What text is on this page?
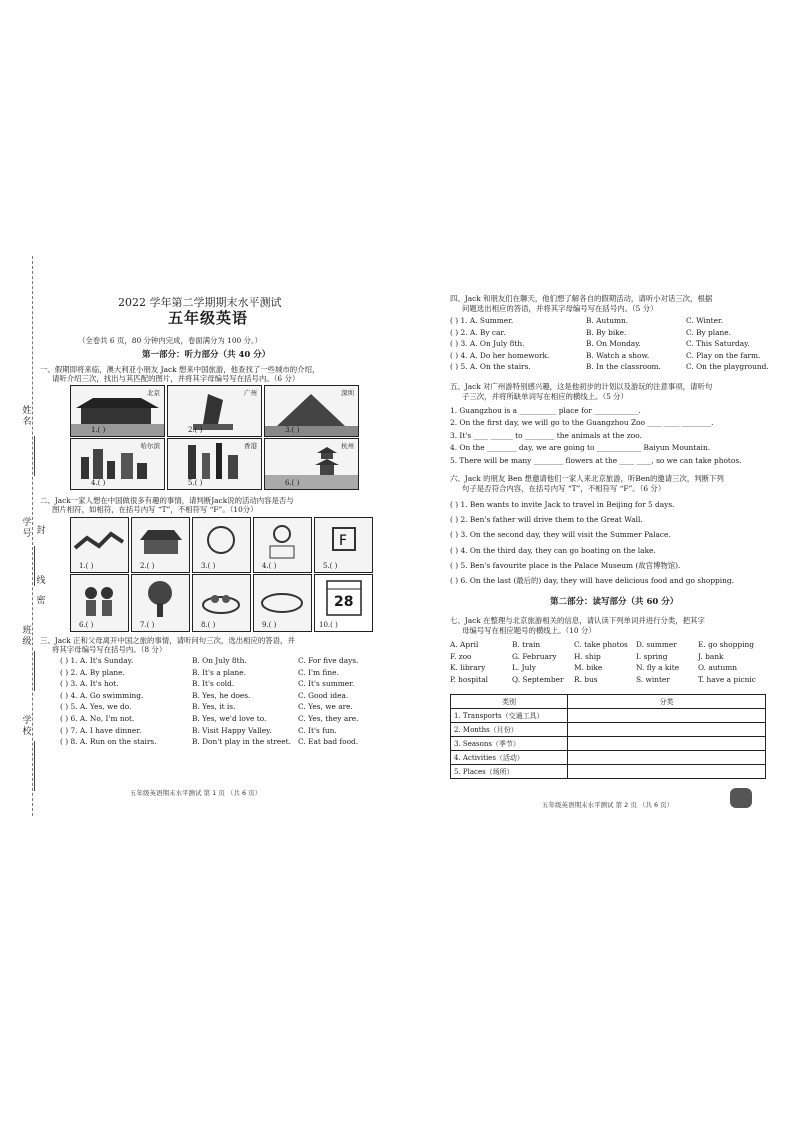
姓名
学号 封
线
密
班级
学校
2022 学年第二学期期末水平测试
五年级英语
（全卷共 6 页，80 分钟内完成，卷面满分为 100 分。）
第一部分：听力部分（共 40 分）
一、假期即将来临，澳大利亚小朋友 Jack 想来中国旅游，他查找了一些城市的介绍，
请听介绍三次，找出与其匹配的图片，并将其字母编号写在括号内。（6 分）
北京
1.( )
广州
2.( )
深圳
3.( )
哈尔滨
4.( )
香港
5.( )
杭州
6.( )
二、Jack一家人想在中国做很多有趣的事情，请判断Jack说的活动内容是否与
图片相符，如相符，在括号内写 “T”，不相符写 “F”。（10分）
1.( )	2.( )	3.( )	4.( )
F
5.( )
6.( )	7.( )	8.( )	9.( )
28
10.( )
三、Jack 正和父母离开中国之旅的事情，请听问句三次，选出相应的答语，并
将其字母编号写在括号内。（8 分）
( ) 1. A. It's Sunday.	B. On July 8th.	C. For five days.
( ) 2. A. By plane.	B. It's a plane.	C. I'm fine.
( ) 3. A. It's hot.	B. It's cold.	C. It's summer.
( ) 4. A. Go swimming.	B. Yes, he does.	C. Good idea.
( ) 5. A. Yes, we do.	B. Yes, it is.	C. Yes, we are.
( ) 6. A. No, I'm not.	B. Yes, we'd love to.	C. Yes, they are.
( ) 7. A. I have dinner.	B. Visit Happy Valley.	C. It's fun.
( ) 8. A. Run on the stairs.	B. Don't play in the street. C. Eat bad food.
五年级英语期末水平测试 第 1 页 （共 6 页）
四、Jack 和朋友们在聊天，他们想了解各自的假期活动，请听小对话三次，根据
问题选出相应的答语，并将其字母编号写在括号内。（5 分）
( ) 1. A. Summer.	B. Autumn.	C. Winter.
( ) 2. A. By car.	B. By bike.	C. By plane.
( ) 3. A. On July 8th.	B. On Monday.	C. This Saturday.
( ) 4. A. Do her homework.	B. Watch a show.	C. Play on the farm.
( ) 5. A. On the stairs.	B. In the classroom.	C. On the playground.
五、Jack 对广州游特别感兴趣，这是他初步的计划以及游玩的注意事项，请听句
子三次，并将所缺单词写在相应的横线上。（5 分）
1. Guangzhou is a __________ place for ____________.
2. On the first day, we will go to the Guangzhou Zoo ____ ____ ________.
3. It's ____ ______ to ________ the animals at the zoo.
4. On the ________ day, we are going to ____________ Baiyun Mountain.
5. There will be many ________ flowers at the ____ ____, so we can take photos.
六、Jack 的朋友 Ben 想邀请他们一家人来北京旅游，听Ben的邀请三次，判断下列
句子是否符合内容，在括号内写 “T”，不相符写 “F”。（6 分）
( ) 1. Ben wants to invite Jack to travel in Beijing for 5 days.
( ) 2. Ben's father will drive them to the Great Wall.
( ) 3. On the second day, they will visit the Summer Palace.
( ) 4. On the third day, they can go boating on the lake.
( ) 5. Ben's favourite place is the Palace Museum (故宫博物馆).
( ) 6. On the last (最后的) day, they will have delicious food and go shopping.
第二部分：读写部分（共 60 分）
七、Jack 在整理与北京旅游相关的信息，请认读下列单词并进行分类，把其字
母编号写在相应题号的横线上。（10 分）
A. April	B. train	C. take photos D. summer	E. go shopping
F. zoo	G. February H. ship	I. spring	J. bank
K. library	L. July	M. bike	N. fly a kite	O. autumn
P. hospital	Q. September R. bus	S. winter	T. have a picnic
类别	分类
1. Transports（交通工具）	
2. Months（月份）	
3. Seasons（季节）	
4. Activities（活动）	
5. Places（场所）	
五年级英语期末水平测试 第 2 页 （共 6 页）
